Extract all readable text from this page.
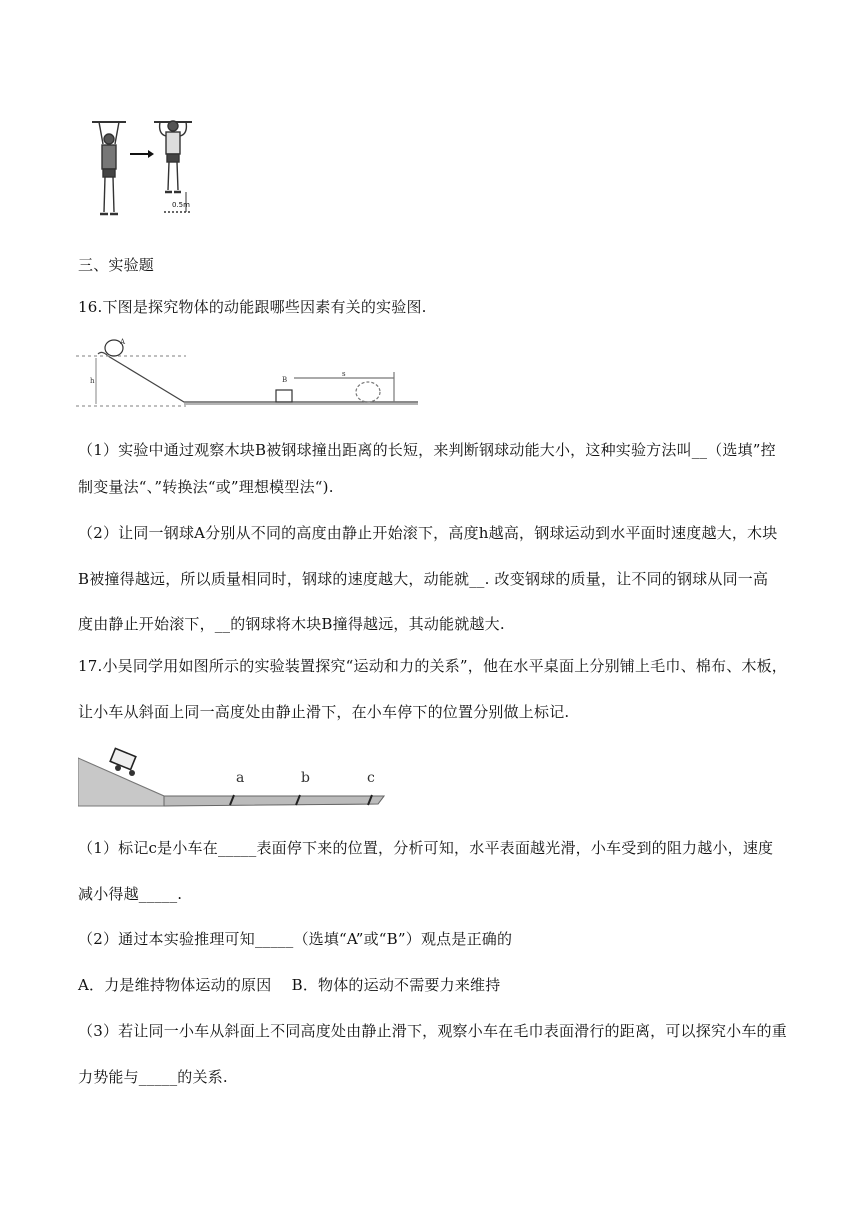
0.5m
三、实验题
16.下图是探究物体的动能跟哪些因素有关的实验图.
A
h	B
s
（1）实验中通过观察木块B被钢球撞出距离的长短，来判断钢球动能大小，这种实验方法叫__（选填”控
制变量法“、”转换法“或”理想模型法“).
（2）让同一钢球A分别从不同的高度由静止开始滚下，高度h越高，钢球运动到水平面时速度越大，木块
B被撞得越远，所以质量相同时，钢球的速度越大，动能就__. 改变钢球的质量，让不同的钢球从同一高
度由静止开始滚下，__的钢球将木块B撞得越远，其动能就越大.
17.小吴同学用如图所示的实验装置探究“运动和力的关系”，他在水平桌面上分别铺上毛巾、棉布、木板，
让小车从斜面上同一高度处由静止滑下，在小车停下的位置分别做上标记.
a	b	c
（1）标记c是小车在_____表面停下来的位置，分析可知，水平表面越光滑，小车受到的阻力越小，速度
减小得越_____.
（2）通过本实验推理可知_____（选填“A”或“B”）观点是正确的
A．力是维持物体运动的原因　 B．物体的运动不需要力来维持
（3）若让同一小车从斜面上不同高度处由静止滑下，观察小车在毛巾表面滑行的距离，可以探究小车的重
力势能与_____的关系.
